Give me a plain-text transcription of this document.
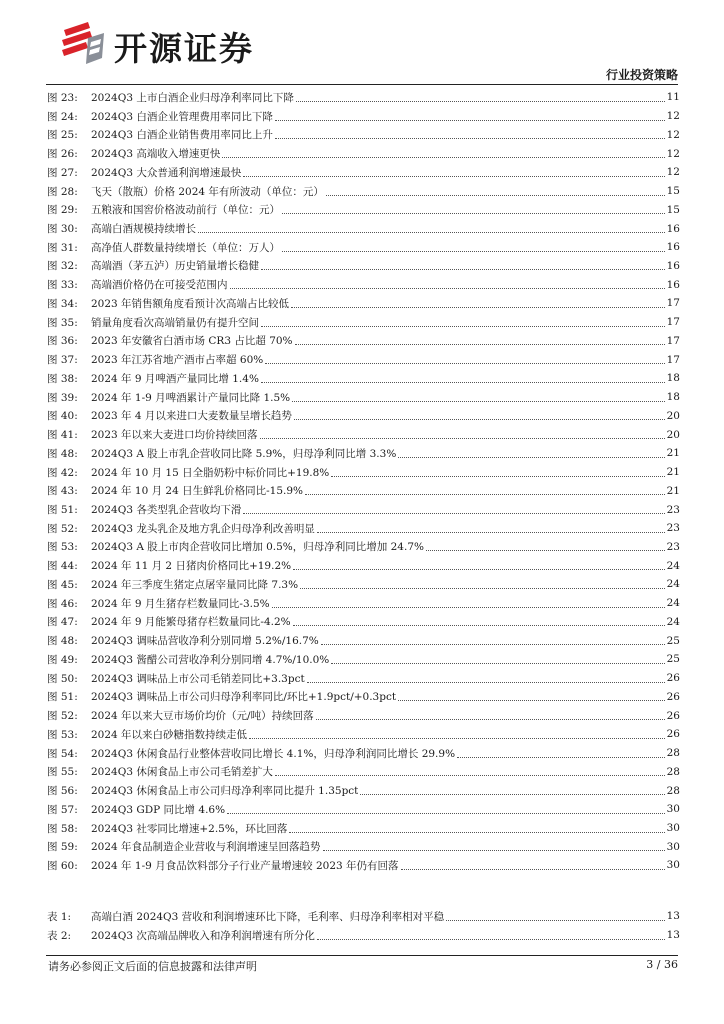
开源证券
行业投资策略
图 23:	2024Q3 上市白酒企业归母净利率同比下降	11
图 24:	2024Q3 白酒企业管理费用率同比下降	12
图 25:	2024Q3 白酒企业销售费用率同比上升	12
图 26:	2024Q3 高端收入增速更快	12
图 27:	2024Q3 大众普通利润增速最快	12
图 28:	飞天（散瓶）价格 2024 年有所波动（单位：元）	15
图 29:	五粮液和国窖价格波动前行（单位：元）	15
图 30:	高端白酒规模持续增长	16
图 31:	高净值人群数量持续增长（单位：万人）	16
图 32:	高端酒（茅五泸）历史销量增长稳健	16
图 33:	高端酒价格仍在可接受范围内	16
图 34:	2023 年销售额角度看预计次高端占比较低	17
图 35:	销量角度看次高端销量仍有提升空间	17
图 36:	2023 年安徽省白酒市场 CR3 占比超 70%	17
图 37:	2023 年江苏省地产酒市占率超 60%	17
图 38:	2024 年 9 月啤酒产量同比增 1.4%	18
图 39:	2024 年 1-9 月啤酒累计产量同比降 1.5%	18
图 40:	2023 年 4 月以来进口大麦数量呈增长趋势	20
图 41:	2023 年以来大麦进口均价持续回落	20
图 48:	2024Q3 A 股上市乳企营收同比降 5.9%，归母净利同比增 3.3%	21
图 42:	2024 年 10 月 15 日全脂奶粉中标价同比+19.8%	21
图 43:	2024 年 10 月 24 日生鲜乳价格同比-15.9%	21
图 51:	2024Q3 各类型乳企营收均下滑	23
图 52:	2024Q3 龙头乳企及地方乳企归母净利改善明显	23
图 53:	2024Q3 A 股上市肉企营收同比增加 0.5%，归母净利同比增加 24.7%	23
图 44:	2024 年 11 月 2 日猪肉价格同比+19.2%	24
图 45:	2024 年三季度生猪定点屠宰量同比降 7.3%	24
图 46:	2024 年 9 月生猪存栏数量同比-3.5%	24
图 47:	2024 年 9 月能繁母猪存栏数量同比-4.2%	24
图 48:	2024Q3 调味品营收净利分别同增 5.2%/16.7%	25
图 49:	2024Q3 酱醋公司营收净利分别同增 4.7%/10.0%	25
图 50:	2024Q3 调味品上市公司毛销差同比+3.3pct	26
图 51:	2024Q3 调味品上市公司归母净利率同比/环比+1.9pct/+0.3pct	26
图 52:	2024 年以来大豆市场价均价（元/吨）持续回落	26
图 53:	2024 年以来白砂糖指数持续走低	26
图 54:	2024Q3 休闲食品行业整体营收同比增长 4.1%，归母净利润同比增长 29.9%	28
图 55:	2024Q3 休闲食品上市公司毛销差扩大	28
图 56:	2024Q3 休闲食品上市公司归母净利率同比提升 1.35pct	28
图 57:	2024Q3 GDP 同比增 4.6%	30
图 58:	2024Q3 社零同比增速+2.5%，环比回落	30
图 59:	2024 年食品制造企业营收与利润增速呈回落趋势	30
图 60:	2024 年 1-9 月食品饮料部分子行业产量增速较 2023 年仍有回落	30
表 1:	高端白酒 2024Q3 营收和利润增速环比下降，毛利率、归母净利率相对平稳	13
表 2:	2024Q3 次高端品牌收入和净利润增速有所分化	13
请务必参阅正文后面的信息披露和法律声明	3 / 36
